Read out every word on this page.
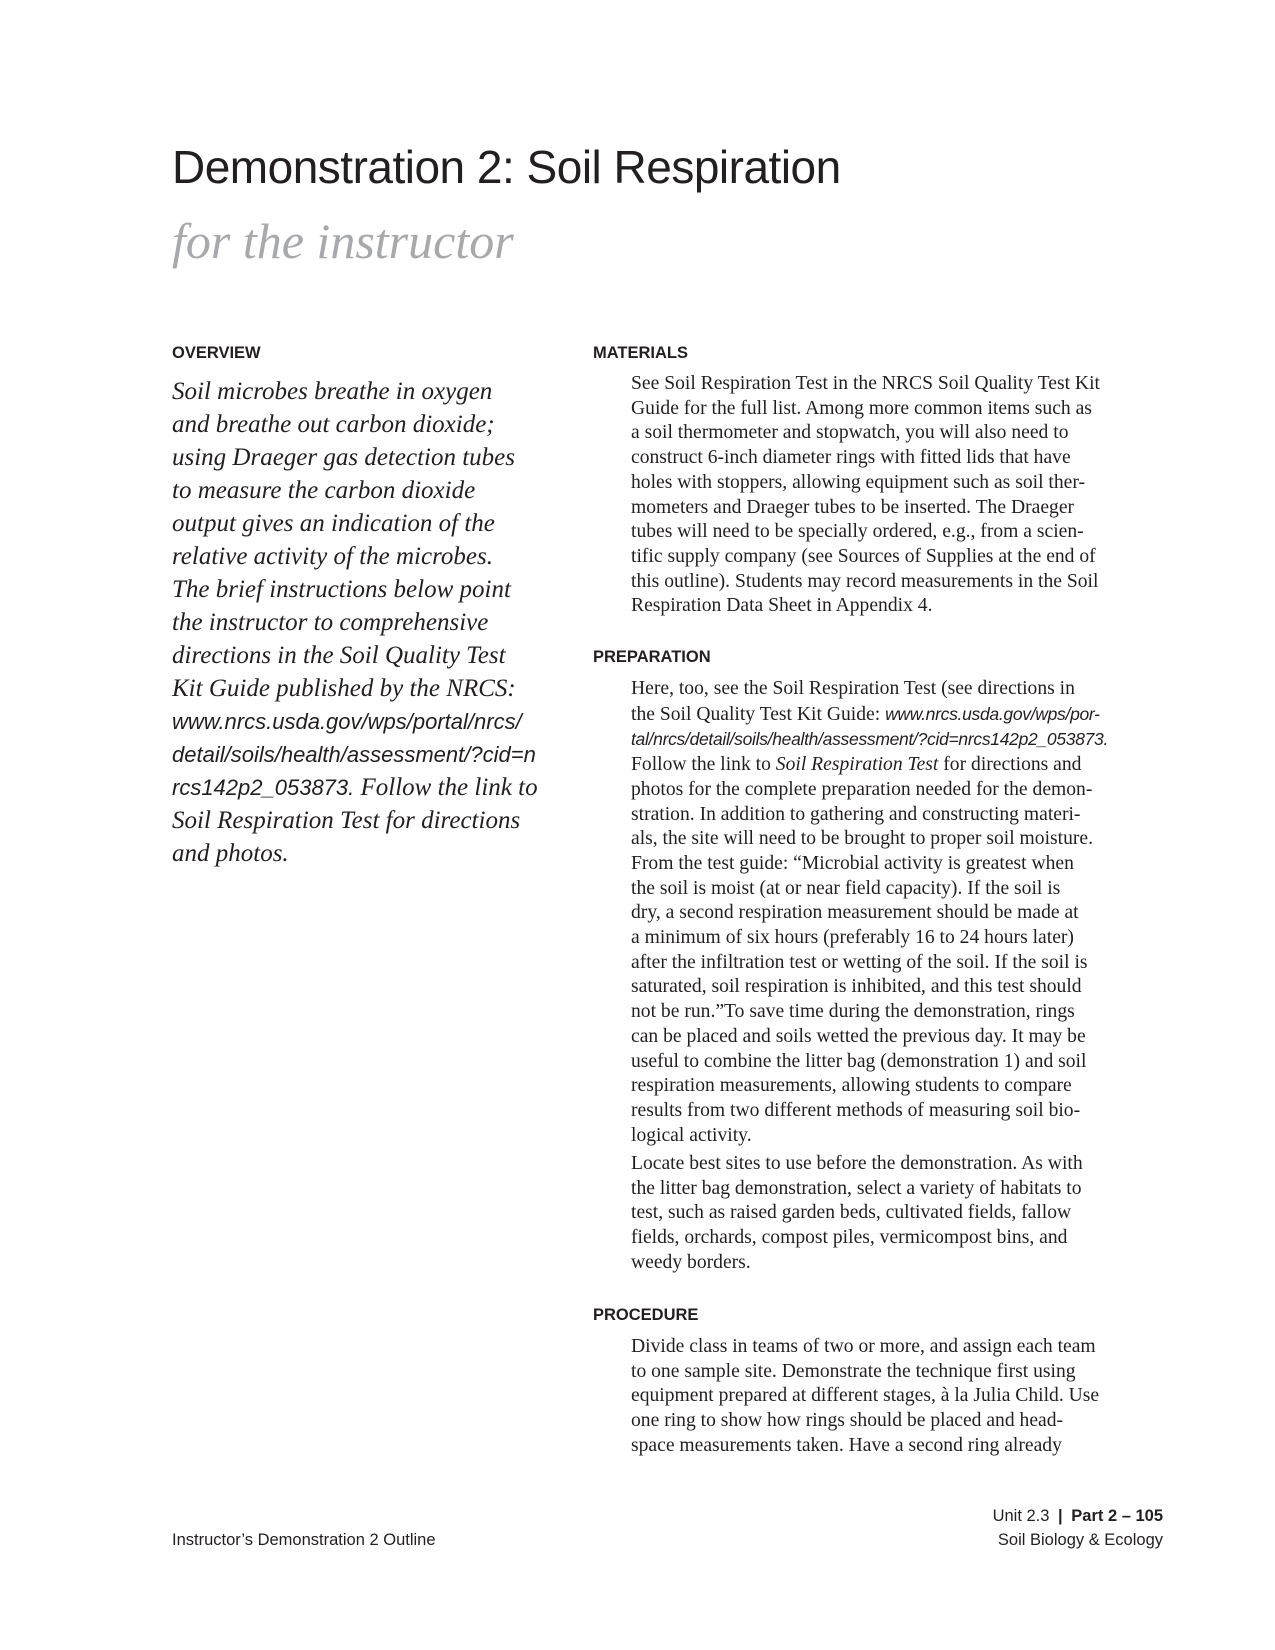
Demonstration 2: Soil Respiration
for the instructor
OVERVIEW
Soil microbes breathe in oxygen
and breathe out carbon dioxide;
using Draeger gas detection tubes
to measure the carbon dioxide
output gives an indication of the
relative activity of the microbes.
The brief instructions below point
the instructor to comprehensive
directions in the Soil Quality Test
Kit Guide published by the NRCS:
www.nrcs.usda.gov/wps/portal/nrcs/
detail/soils/health/assessment/?cid=n
rcs142p2_053873. Follow the link to
Soil Respiration Test for directions
and photos.
MATERIALS
See Soil Respiration Test in the NRCS Soil Quality Test Kit
Guide for the full list. Among more common items such as
a soil thermometer and stopwatch, you will also need to
construct 6-inch diameter rings with fitted lids that have
holes with stoppers, allowing equipment such as soil ther-
mometers and Draeger tubes to be inserted. The Draeger
tubes will need to be specially ordered, e.g., from a scien-
tific supply company (see Sources of Supplies at the end of
this outline). Students may record measurements in the Soil
Respiration Data Sheet in Appendix 4.
PREPARATION
Here, too, see the Soil Respiration Test (see directions in
the Soil Quality Test Kit Guide: www.nrcs.usda.gov/wps/por-
tal/nrcs/detail/soils/health/assessment/?cid=nrcs142p2_053873.
Follow the link to Soil Respiration Test for directions and
photos for the complete preparation needed for the demon-
stration. In addition to gathering and constructing materi-
als, the site will need to be brought to proper soil moisture.
From the test guide: “Microbial activity is greatest when
the soil is moist (at or near field capacity). If the soil is
dry, a second respiration measurement should be made at
a minimum of six hours (preferably 16 to 24 hours later)
after the infiltration test or wetting of the soil. If the soil is
saturated, soil respiration is inhibited, and this test should
not be run.”To save time during the demonstration, rings
can be placed and soils wetted the previous day. It may be
useful to combine the litter bag (demonstration 1) and soil
respiration measurements, allowing students to compare
results from two different methods of measuring soil bio-
logical activity.
Locate best sites to use before the demonstration. As with
the litter bag demonstration, select a variety of habitats to
test, such as raised garden beds, cultivated fields, fallow
fields, orchards, compost piles, vermicompost bins, and
weedy borders.
PROCEDURE
Divide class in teams of two or more, and assign each team
to one sample site. Demonstrate the technique first using
equipment prepared at different stages, à la Julia Child. Use
one ring to show how rings should be placed and head-
space measurements taken. Have a second ring already
Unit 2.3 | Part 2 – 105
Soil Biology & Ecology
Instructor’s Demonstration 2 Outline
